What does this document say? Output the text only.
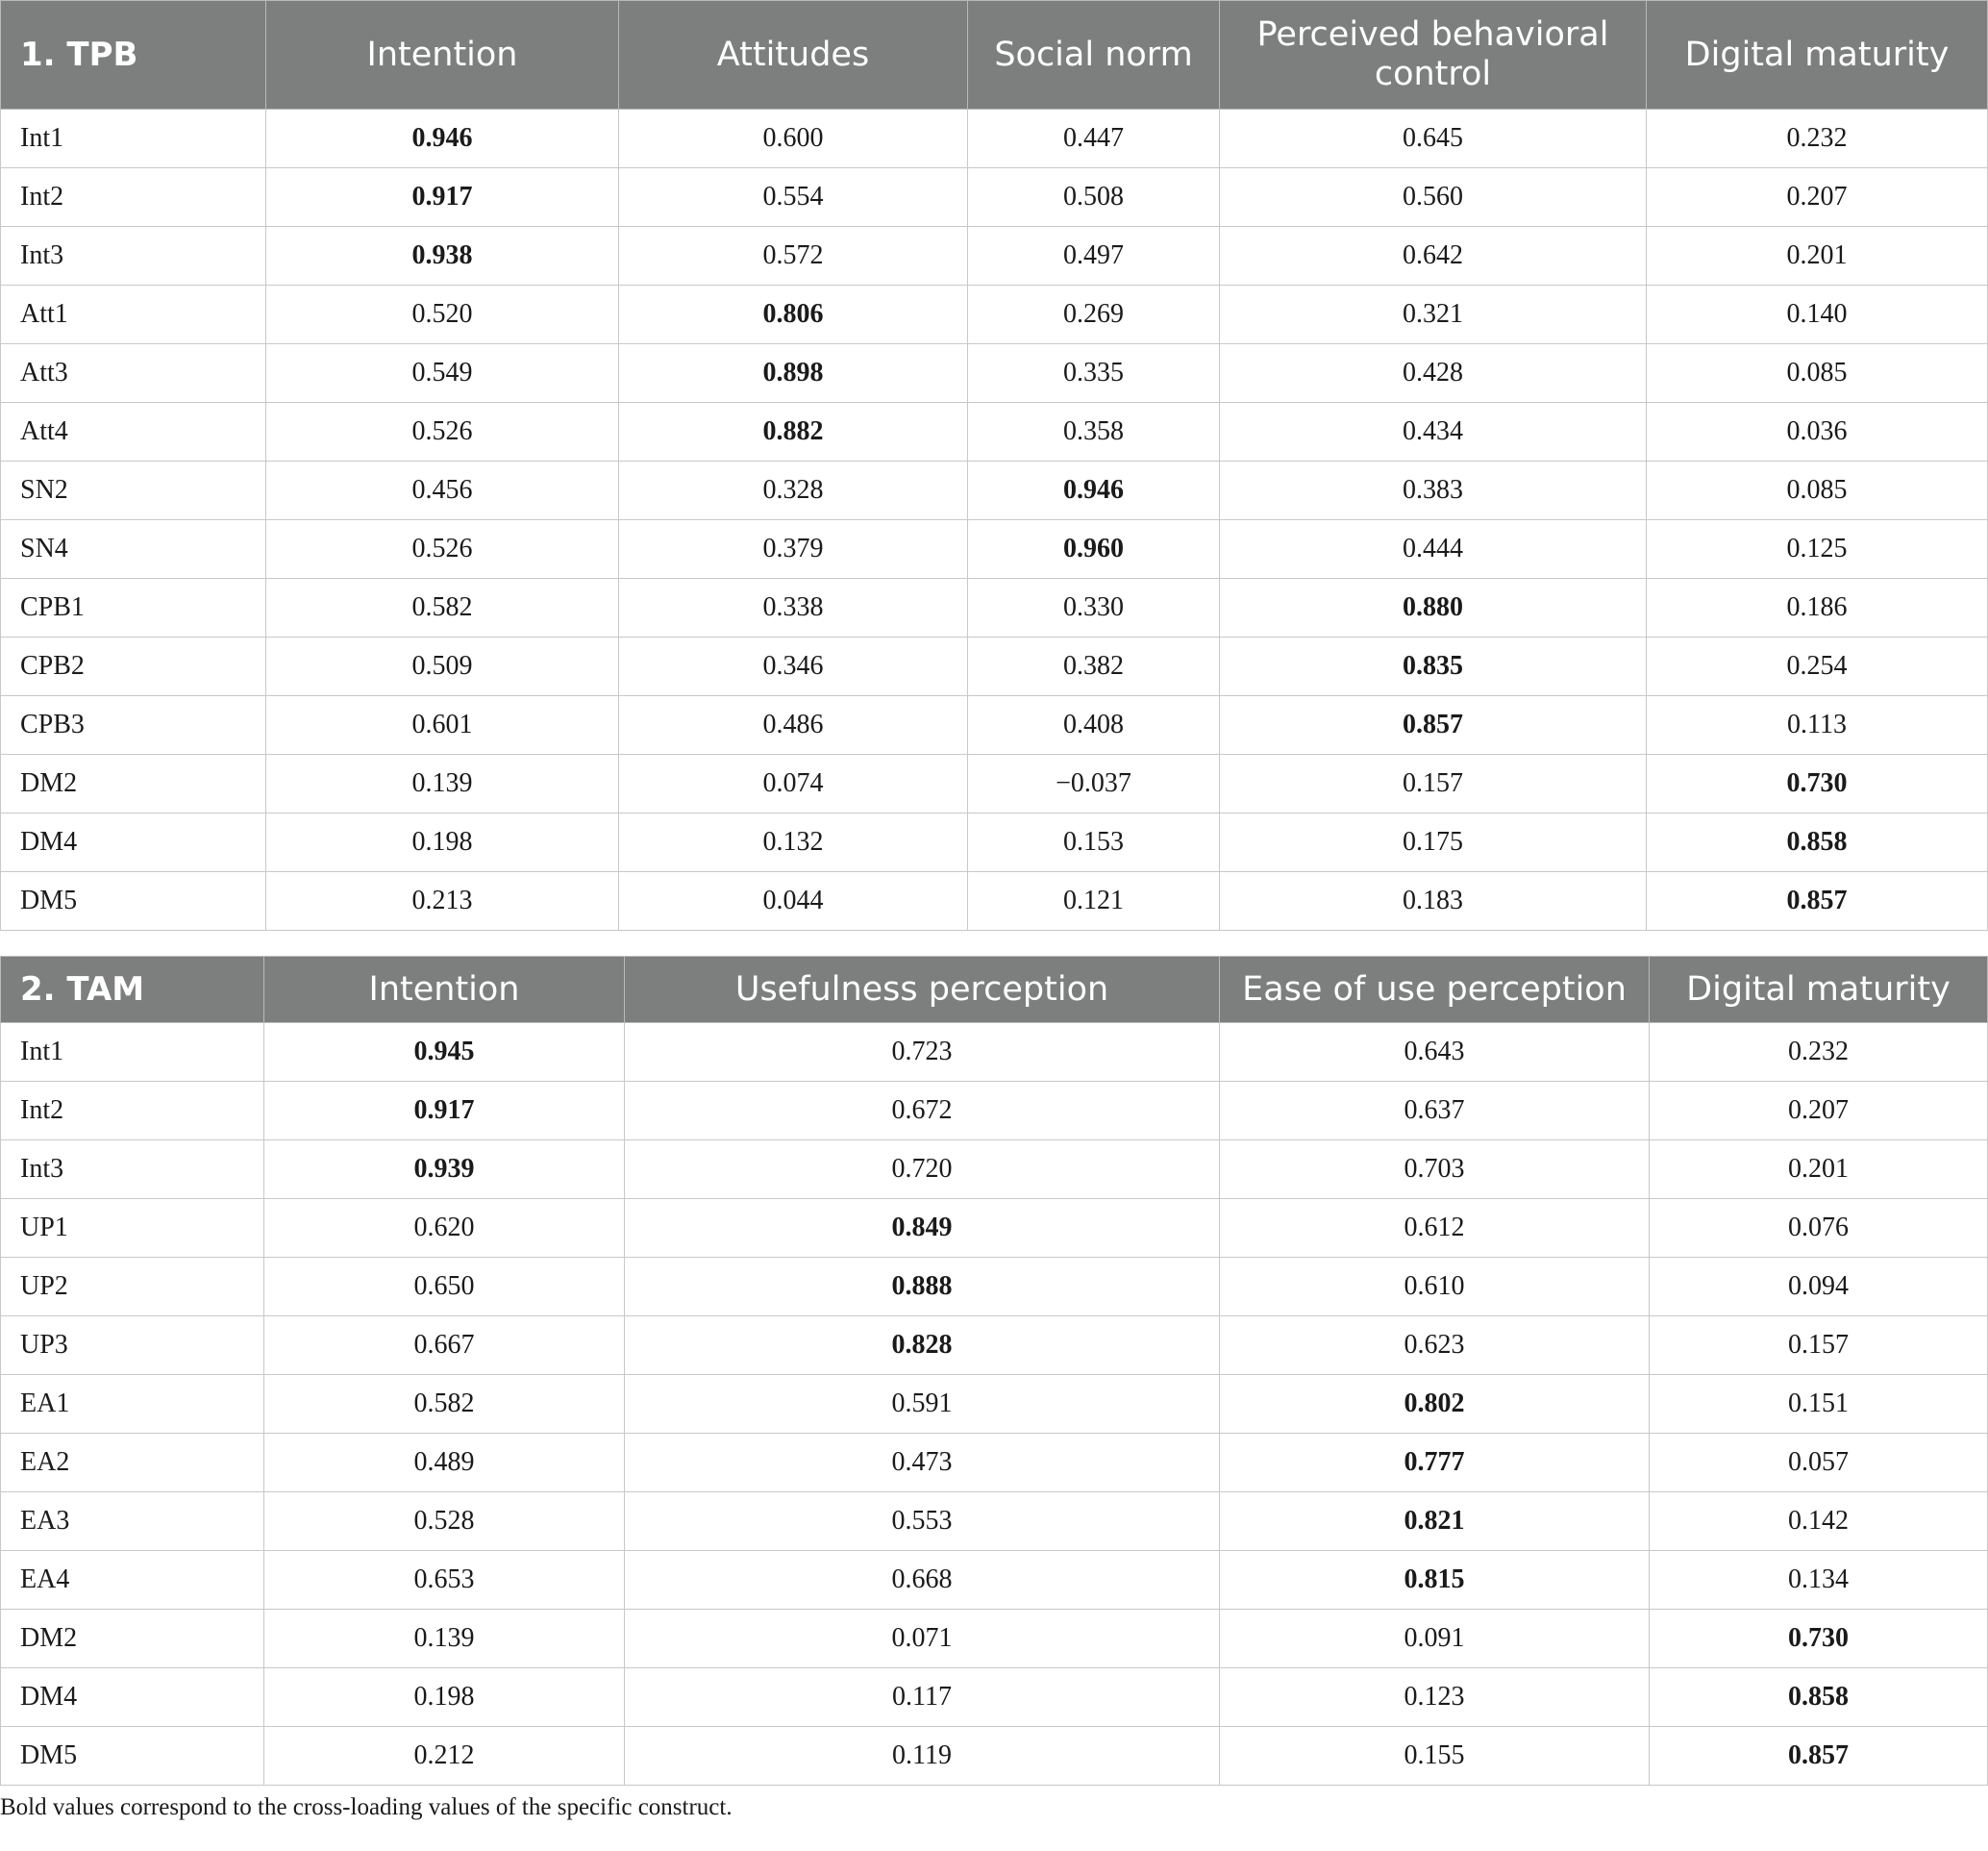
1. TPB	Intention	Attitudes	Social norm	Perceived behavioral control	Digital maturity
Int1	0.946	0.600	0.447	0.645	0.232
Int2	0.917	0.554	0.508	0.560	0.207
Int3	0.938	0.572	0.497	0.642	0.201
Att1	0.520	0.806	0.269	0.321	0.140
Att3	0.549	0.898	0.335	0.428	0.085
Att4	0.526	0.882	0.358	0.434	0.036
SN2	0.456	0.328	0.946	0.383	0.085
SN4	0.526	0.379	0.960	0.444	0.125
CPB1	0.582	0.338	0.330	0.880	0.186
CPB2	0.509	0.346	0.382	0.835	0.254
CPB3	0.601	0.486	0.408	0.857	0.113
DM2	0.139	0.074	−0.037	0.157	0.730
DM4	0.198	0.132	0.153	0.175	0.858
DM5	0.213	0.044	0.121	0.183	0.857
2. TAM	Intention	Usefulness perception	Ease of use perception	Digital maturity
Int1	0.945	0.723	0.643	0.232
Int2	0.917	0.672	0.637	0.207
Int3	0.939	0.720	0.703	0.201
UP1	0.620	0.849	0.612	0.076
UP2	0.650	0.888	0.610	0.094
UP3	0.667	0.828	0.623	0.157
EA1	0.582	0.591	0.802	0.151
EA2	0.489	0.473	0.777	0.057
EA3	0.528	0.553	0.821	0.142
EA4	0.653	0.668	0.815	0.134
DM2	0.139	0.071	0.091	0.730
DM4	0.198	0.117	0.123	0.858
DM5	0.212	0.119	0.155	0.857

Bold values correspond to the cross-loading values of the specific construct.
